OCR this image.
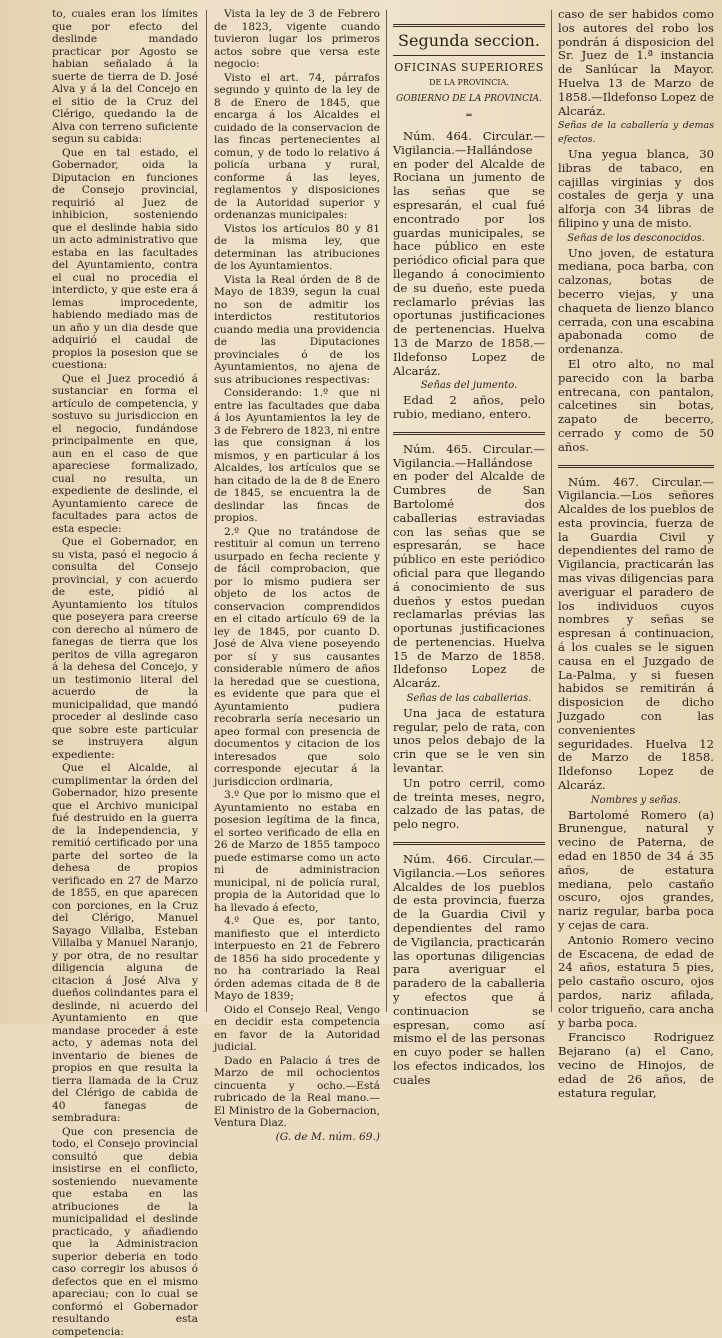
to, cuales eran los límites que por efecto del deslinde mandado practicar por Agosto se habian señalado á la suerte de tierra de D. José Alva y á la del Concejo en el sitio de la Cruz del Clérigo, quedando la de Alva con terreno suficiente segun su cabida:

Que en tal estado, el Gobernador, oida la Diputacion en funciones de Consejo provincial, requirió al Juez de inhibicion, sosteniendo que el deslinde habia sido un acto administrativo que estaba en las facultades del Ayuntamiento, contra el cual no procedia el interdicto, y que este era á lemas improcedente, habiendo mediado mas de un año y un dia desde que adquirió el caudal de propios la posesion que se cuestiona:

Que el Juez procedió á sustanciar en forma el artículo de competencia, y sostuvo su jurisdiccion en el negocio, fundándose principalmente en que, aun en el caso de que apareciese formalizado, cual no resulta, un expediente de deslinde, el Ayuntamiento carece de facultades para actos de esta especie:

Que el Gobernador, en su vista, pasó el negocio á consulta del Consejo provincial, y con acuerdo de este, pidió al Ayuntamiento los títulos que poseyera para creerse con derecho al número de fanegas de tierra que los peritos de villa agregaron á la dehesa del Concejo, y un testimonio literal del acuerdo de la municipalidad, que mandó proceder al deslinde caso que sobre este particular se instruyera algun expediente:

Que el Alcalde, al cumplimentar la órden del Gobernador, hizo presente que el Archivo municipal fué destruido en la guerra de la Independencia, y remitió certificado por una parte del sorteo de la dehesa de propios verificado en 27 de Marzo de 1855, en que aparecen con porciones, en la Cruz del Clérigo, Manuel Sayago Villalba, Esteban Villalba y Manuel Naranjo, y por otra, de no resultar diligencia alguna de citacion á José Alva y dueños colindantes para el deslinde, ni acuerdo del Ayuntamiento en que mandase proceder á este acto, y ademas nota del inventario de bienes de propios en que resulta la tierra llamada de la Cruz del Clérigo de cabida de 40 fanegas de sembradura:

Que con presencia de todo, el Consejo provincial consultó que debia insistirse en el conflicto, sosteniendo nuevamente que estaba en las atribuciones de la municipalidad el deslinde practicado, y añadiendo que la Administracion superior deberia en todo caso corregir los abusos ó defectos que en el mismo apareciau; con lo cual se conformó el Gobernador resultando esta competencia:

Vista la ley de 3 de Febrero de 1823, vigente cuando tuvieron lugar los primeros actos sobre que versa este negocio:

Visto el art. 74, párrafos segundo y quinto de la ley de 8 de Enero de 1845, que encarga á los Alcaldes el cuidado de la conservacion de las fincas pertenecientes al comun, y de todo lo relativo á policía urbana y rural, conforme á las leyes, reglamentos y disposiciones de la Autoridad superior y ordenanzas municipales:

Vistos los artículos 80 y 81 de la misma ley, que determinan las atribuciones de los Ayuntamientos.

Vista la Real órden de 8 de Mayo de 1839, segun la cual no son de admitir los interdictos restitutorios cuando media una providencia de las Diputaciones provinciales ó de los Ayuntamientos, no ajena de sus atribuciones respectivas:

Considerando: 1.º que ni entre las facultades que daba á los Ayuntamientos la ley de 3 de Febrero de 1823, ni entre las que consignan á los mismos, y en particular á los Alcaldes, los artículos que se han citado de la de 8 de Enero de 1845, se encuentra la de deslindar las fincas de propios.

2.º Que no tratándose de restituir al comun un terreno usurpado en fecha reciente y de fácil comprobacion, que por lo mismo pudiera ser objeto de los actos de conservacion comprendidos en el citado artículo 69 de la ley de 1845, por cuanto D. José de Alva viene poseyendo por sí y sus causantes considerable número de años la heredad que se cuestiona, es evidente que para que el Ayuntamiento pudiera recobrarla sería necesario un apeo formal con presencia de documentos y citacion de los interesados que solo corresponde ejecutar á la jurisdiccion ordinaria,

3.º Que por lo mismo que el Ayuntamiento no estaba en posesion legítima de la finca, el sorteo verificado de ella en 26 de Marzo de 1855 tampoco puede estimarse como un acto ni de administracion municipal, ni de policía rural, propia de la Autoridad que lo ha llevado á efecto,

4.º Que es, por tanto, manifiesto que el interdicto interpuesto en 21 de Febrero de 1856 ha sido procedente y no ha contrariado la Real órden ademas citada de 8 de Mayo de 1839;

Oido el Consejo Real, Vengo en decidir esta competencia en favor de la Autoridad judicial.

Dado en Palacio á tres de Marzo de mil ochocientos cincuenta y ocho.—Está rubricado de la Real mano.—El Ministro de la Gobernacion, Ventura Diaz.

(G. de M. núm. 69.)

Segunda seccion.
OFICINAS SUPERIORES
DE LA PROVINCIA.
GOBIERNO DE LA PROVINCIA.
═

Núm. 464. Circular.—Vigilancia.—Hallándose en poder del Alcalde de Rociana un jumento de las señas que se espresarán, el cual fué encontrado por los guardas municipales, se hace público en este periódico oficial para que llegando á conocimiento de su dueño, este pueda reclamarlo prévias las oportunas justificaciones de pertenencias. Huelva 13 de Marzo de 1858.—Ildefonso Lopez de Alcaráz.

Señas del jumento.

Edad 2 años, pelo rubio, mediano, entero.

Núm. 465. Circular.—Vigilancia.—Hallándose en poder del Alcalde de Cumbres de San Bartolomé dos caballerias estraviadas con las señas que se espresarán, se hace público en este periódico oficial para que llegando á conocimiento de sus dueños y estos puedan reclamarlas prévias las oportunas justificaciones de pertenencias. Huelva 15 de Marzo de 1858. Ildefonso Lopez de Alcaráz.

Señas de las caballerias.

Una jaca de estatura regular, pelo de rata, con unos pelos debajo de la crin que se le ven sin levantar.

Un potro cerril, como de treinta meses, negro, calzado de las patas, de pelo negro.

Núm. 466. Circular.—Vigilancia.—Los señores Alcaldes de los pueblos de esta provincia, fuerza de la Guardia Civil y dependientes del ramo de Vigilancia, practicarán las oportunas diligencias para averiguar el paradero de la caballeria y efectos que á continuacion se espresan, como así mismo el de las personas en cuyo poder se hallen los efectos indicados, los cuales

caso de ser habidos como los autores del robo los pondrán á disposicion del Sr. Juez de 1.ª instancia de Sanlúcar la Mayor. Huelva 13 de Marzo de 1858.—Ildefonso Lopez de Alcaráz.

Señas de la caballería y demas efectos.

Una yegua blanca, 30 libras de tabaco, en cajillas virginias y dos costales de gerja y una alforja con 34 libras de filipino y una de misto.

Señas de los desconocidos.

Uno joven, de estatura mediana, poca barba, con calzonas, botas de becerro viejas, y una chaqueta de lienzo blanco cerrada, con una escabina apabonada como de ordenanza.

El otro alto, no mal parecido con la barba entrecana, con pantalon, calcetines sin botas, zapato de becerro, cerrado y como de 50 años.

Núm. 467. Circular.—Vigilancia.—Los señores Alcaldes de los pueblos de esta provincia, fuerza de la Guardia Civil y dependientes del ramo de Vigilancia, practicarán las mas vivas diligencias para averiguar el paradero de los individuos cuyos nombres y señas se espresan á continuacion, á los cuales se le siguen causa en el Juzgado de La-Palma, y si fuesen habidos se remitirán á disposicion de dicho Juzgado con las convenientes seguridades. Huelva 12 de Marzo de 1858. Ildefonso Lopez de Alcaráz.

Nombres y señas.

Bartolomé Romero (a) Brunengue, natural y vecino de Paterna, de edad en 1850 de 34 á 35 años, de estatura mediana, pelo castaño oscuro, ojos grandes, nariz regular, barba poca y cejas de cara.

Antonio Romero vecino de Escacena, de edad de 24 años, estatura 5 pies, pelo castaño oscuro, ojos pardos, nariz afilada, color trigueño, cara ancha y barba poca.

Francisco Rodriguez Bejarano (a) el Cano, vecino de Hinojos, de edad de 26 años, de estatura regular,
